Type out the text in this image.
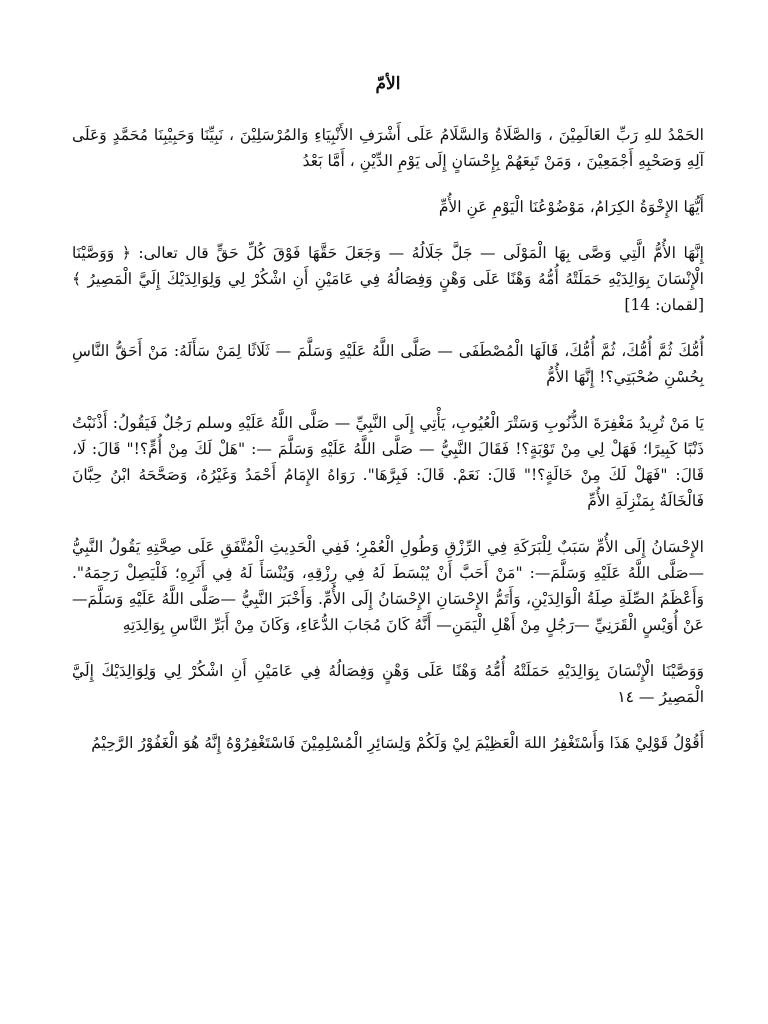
الأمّ

الحَمْدُ للهِ رَبِّ العَالَمِيْنَ ، وَالصَّلَاةُ وَالسَّلَامُ عَلَى أَشْرَفِ الأَنْبِيَاءِ وَالمُرْسَلِيْنَ ، نَبِيِّنَا وَحَبِيْبِنَا مُحَمَّدٍ وَعَلَى آلِهِ وَصَحْبِهِ أَجْمَعِيْنَ ، وَمَنْ تَبِعَهُمْ بِإِحْسَانٍ إِلَى يَوْمِ الدِّيْنِ ، أَمَّا بَعْدُ

أَيُّهَا الإِخْوَةُ الكِرَامُ، مَوْضُوْعُنَا الْيَوْمِ عَنِ الأُمِّ

إِنَّهَا الأُمُّ الَّتِي وَصَّى بِهَا الْمَوْلَى — جَلَّ جَلَالُهُ — وَجَعَلَ حَقَّهَا فَوْقَ كُلِّ حَقٍّ قال تعالى: ﴿ وَوَصَّيْنَا الْإِنْسَانَ بِوَالِدَيْهِ حَمَلَتْهُ أُمُّهُ وَهْنًا عَلَى وَهْنٍ وَفِصَالُهُ فِي عَامَيْنِ أَنِ اشْكُرْ لِي وَلِوَالِدَيْكَ إِلَيَّ الْمَصِيرُ ﴾ [لقمان: 14]

أُمُّكَ ثُمَّ أُمُّكَ، ثُمَّ أُمُّكَ، قَالَهَا الْمُصْطَفَى — صَلَّى اللَّهُ عَلَيْهِ وَسَلَّمَ — ثَلَاثًا لِمَنْ سَأَلَهُ: مَنْ أَحَقُّ النَّاسِ بِحُسْنِ صُحْبَتِي؟! إِنَّهَا الأُمُّ

يَا مَنْ تُرِيدُ مَغْفِرَةَ الذُّنُوبِ وَسَتْرَ الْعُيُوبِ، يَأْتِي إِلَى النَّبِيِّ — صَلَّى اللَّهُ عَلَيْهِ وسلم رَجُلٌ فَيَقُولُ: أَذْنَبْتُ ذَنْبًا كَبِيرًا؛ فَهَلْ لِي مِنْ تَوْبَةٍ؟! فَقَالَ النَّبِيُّ — صَلَّى اللَّهُ عَلَيْهِ وَسَلَّمَ —: "هَلْ لَكَ مِنْ أُمٍّ؟!" قَالَ: لَا، قَالَ: "فَهَلْ لَكَ مِنْ خَالَةٍ؟!" قَالَ: نَعَمْ. قَالَ: فَبِرَّهَا". رَوَاهُ الإِمَامُ أَحْمَدُ وَغَيْرُهُ، وَصَحَّحَهُ ابْنُ حِبَّانَ فَالْخَالَةُ بِمَنْزِلَةِ الأُمِّ

الإِحْسَانُ إِلَى الأُمِّ سَبَبٌ لِلْبَرَكَةِ فِي الرِّزْقِ وَطُولِ الْعُمْرِ؛ فَفِي الْحَدِيثِ الْمُتَّفَقِ عَلَى صِحَّتِهِ يَقُولُ النَّبِيُّ —صَلَّى اللَّهُ عَلَيْهِ وَسَلَّمَ—: "مَنْ أَحَبَّ أَنْ يُبْسَطَ لَهُ فِي رِزْقِهِ، وَيُنْسَأَ لَهُ فِي أَثَرِهِ؛ فَلْيَصِلْ رَحِمَهُ". وَأَعْظَمُ الصِّلَةِ صِلَةُ الْوَالِدَيْنِ، وَأَتَمُّ الإِحْسَانِ الإِحْسَانُ إِلَى الأُمِّ. وَأَخْبَرَ النَّبِيُّ —صَلَّى اللَّهُ عَلَيْهِ وَسَلَّمَ— عَنْ أُوَيْسٍ الْقَرَنِيِّ —رَجُلٍ مِنْ أَهْلِ الْيَمَنِ— أَنَّهُ كَانَ مُجَابَ الدُّعَاءِ، وَكَانَ مِنْ أَبَرِّ النَّاسِ بِوَالِدَتِهِ

وَوَصَّيْنَا الْإِنْسَانَ بِوَالِدَيْهِ حَمَلَتْهُ أُمُّهُ وَهْنًا عَلَى وَهْنٍ وَفِصَالُهُ فِي عَامَيْنِ أَنِ اشْكُرْ لِي وَلِوَالِدَيْكَ إِلَيَّ الْمَصِيرُ — ١٤

أَقُوْلُ قَوْلِيْ هَذَا وَأَسْتَغْفِرُ اللهَ الْعَظِيْمَ لِيْ وَلَكُمْ وَلِسَائِرِ الْمُسْلِمِيْنَ فَاسْتَغْفِرُوْهُ إِنَّهُ هُوَ الْغَفُوْرُ الرَّحِيْمُ
